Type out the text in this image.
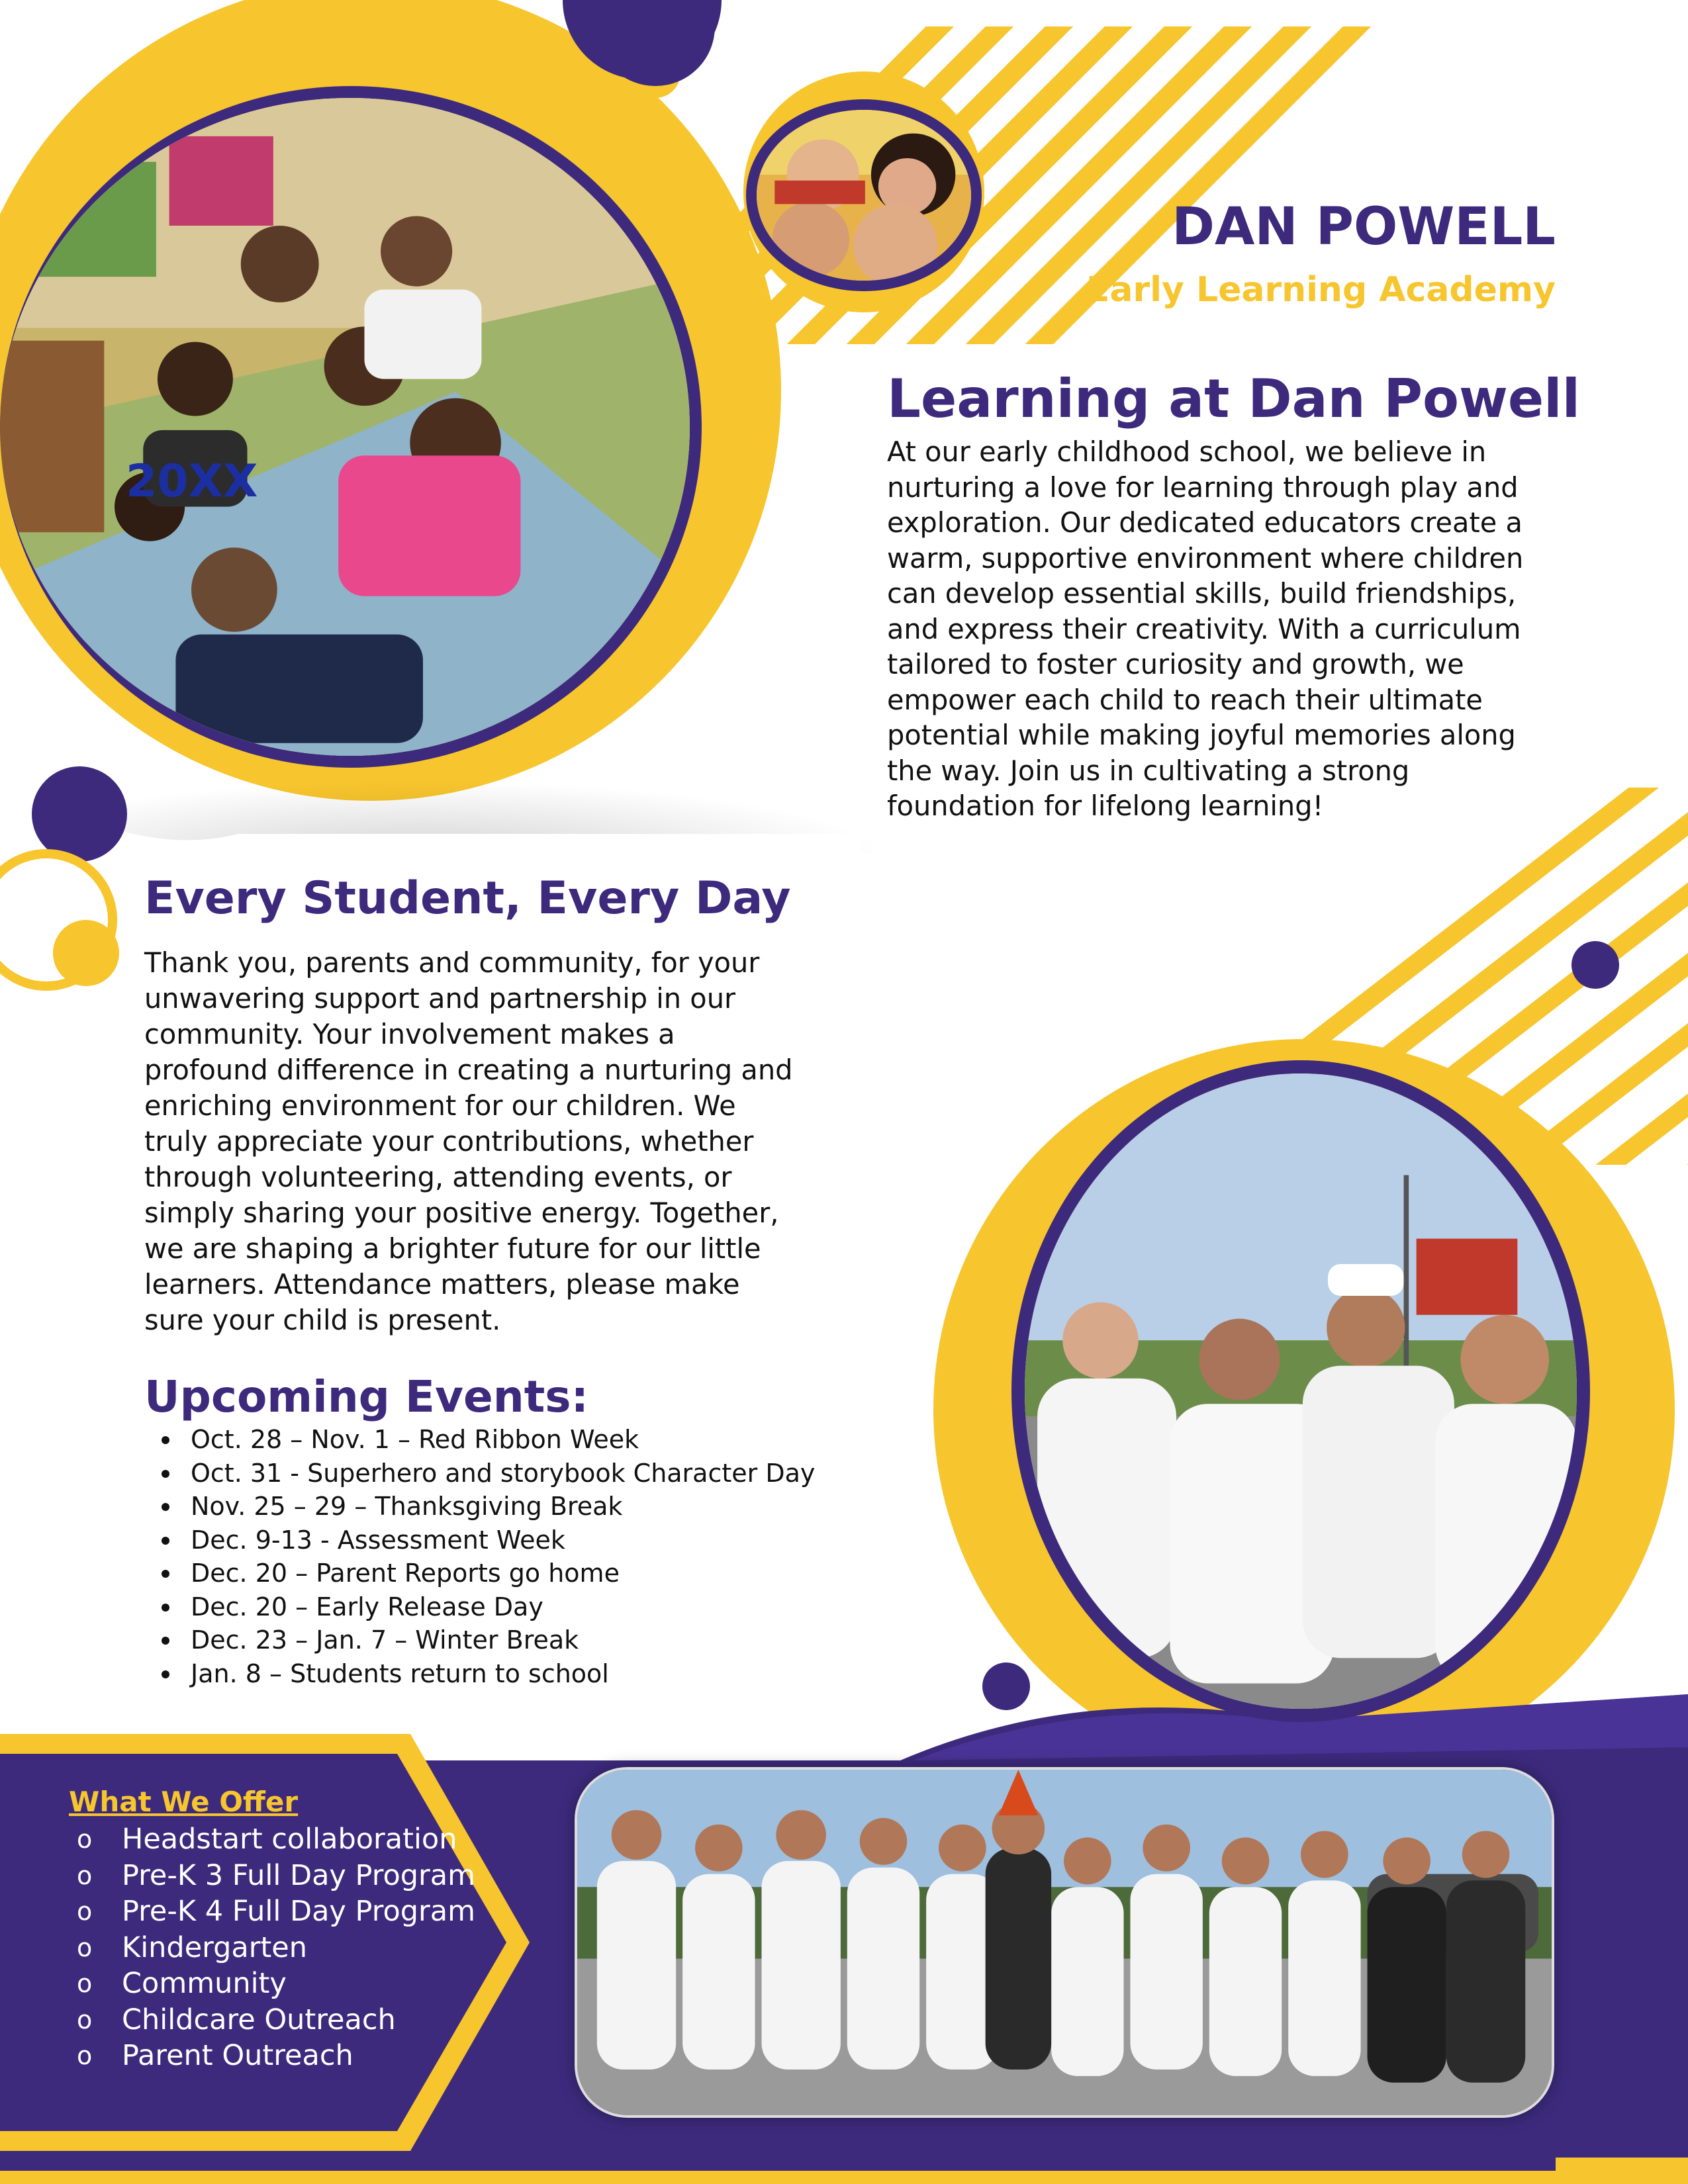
20XX
DAN POWELL
Early Learning Academy
Learning at Dan Powell
At our early childhood school, we believe in nurturing a love for learning through play and exploration. Our dedicated educators create a warm, supportive environment where children can develop essential skills, build friendships, and express their creativity. With a curriculum tailored to foster curiosity and growth, we empower each child to reach their ultimate potential while making joyful memories along the way. Join us in cultivating a strong foundation for lifelong learning!
Every Student, Every Day
Thank you, parents and community, for your unwavering support and partnership in our community. Your involvement makes a profound difference in creating a nurturing and enriching environment for our children. We truly appreciate your contributions, whether through volunteering, attending events, or simply sharing your positive energy. Together, we are shaping a brighter future for our little learners. Attendance matters, please make sure your child is present.
Upcoming Events:
Oct. 28 – Nov. 1 – Red Ribbon Week
Oct. 31 - Superhero and storybook Character Day
Nov. 25 – 29 – Thanksgiving Break
Dec. 9-13 - Assessment Week
Dec. 20 – Parent Reports go home
Dec. 20 – Early Release Day
Dec. 23 – Jan. 7 – Winter Break
Jan. 8 – Students return to school
What We Offer
o Headstart collaboration
o Pre-K 3 Full Day Program
o Pre-K 4 Full Day Program
o Kindergarten
o Community
o Childcare Outreach
o Parent Outreach
